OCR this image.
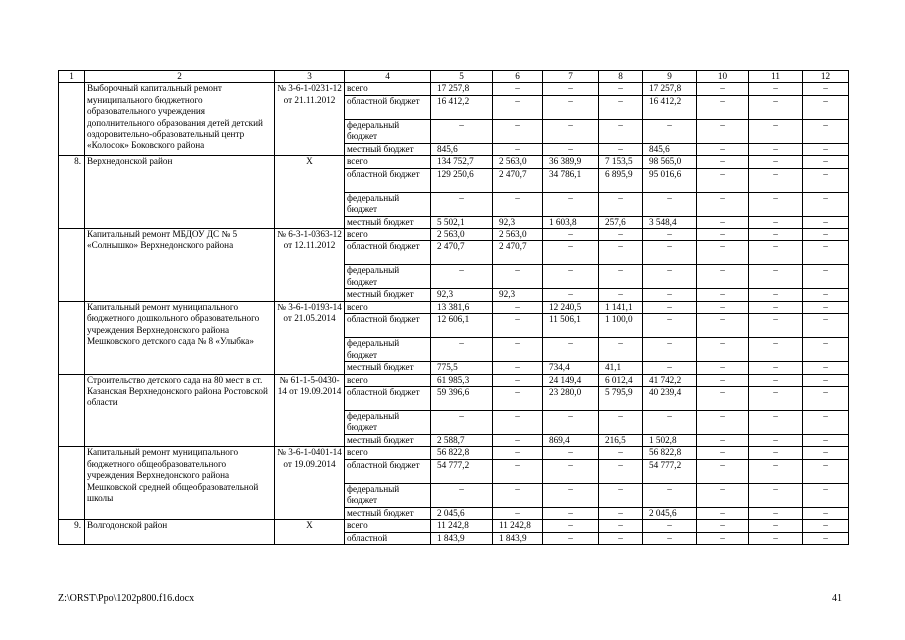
1	2	3	4	5	6	7	8	9	10	11	12
	Выборочный капитальный ремонт муниципального бюджетного образовательного учреждения дополнительного образования детей детский оздоровительно-образовательный центр «Колосок» Боковского района	№ 3-6-1-0231-12 от 21.11.2012	всего	17 257,8	–	–	–	17 257,8	–	–	–
			областной бюджет	16 412,2	–	–	–	16 412,2	–	–	–
			федеральный бюджет	–	–	–	–	–	–	–	–
			местный бюджет	845,6	–	–	–	845,6	–	–	–
8.	Верхнедонской район	Х	всего	134 752,7	2 563,0	36 389,9	7 153,5	98 565,0	–	–	–
			областной бюджет	129 250,6	2 470,7	34 786,1	6 895,9	95 016,6	–	–	–
			федеральный бюджет	–	–	–	–	–	–	–	–
			местный бюджет	5 502,1	92,3	1 603,8	257,6	3 548,4	–	–	–
	Капитальный ремонт МБДОУ ДС № 5 «Солнышко» Верхнедонского района	№ 6-3-1-0363-12 от 12.11.2012	всего	2 563,0	2 563,0	–	–	–	–	–	–
			областной бюджет	2 470,7	2 470,7	–	–	–	–	–	–
			федеральный бюджет	–	–	–	–	–	–	–	–
			местный бюджет	92,3	92,3	–	–	–	–	–	–
	Капитальный ремонт муниципального бюджетного дошкольного образовательного учреждения Верхнедонского района Мешковского детского сада № 8 «Улыбка»	№ 3-6-1-0193-14 от 21.05.2014	всего	13 381,6	–	12 240,5	1 141,1	–	–	–	–
			областной бюджет	12 606,1	–	11 506,1	1 100,0	–	–	–	–
			федеральный бюджет	–	–	–	–	–	–	–	–
			местный бюджет	775,5	–	734,4	41,1	–	–	–	–
	Строительство детского сада на 80 мест в ст. Казанская Верхнедонского района Ростовской области	№ 61-1-5-0430-14 от 19.09.2014	всего	61 985,3	–	24 149,4	6 012,4	41 742,2	–	–	–
			областной бюджет	59 396,6	–	23 280,0	5 795,9	40 239,4	–	–	–
			федеральный бюджет	–	–	–	–	–	–	–	–
			местный бюджет	2 588,7	–	869,4	216,5	1 502,8	–	–	–
	Капитальный ремонт муниципального бюджетного общеобразовательного учреждения Верхнедонского района Мешковской средней общеобразовательной школы	№ 3-6-1-0401-14 от 19.09.2014	всего	56 822,8	–	–	–	56 822,8	–	–	–
			областной бюджет	54 777,2	–	–	–	54 777,2	–	–	–
			федеральный бюджет	–	–	–	–	–	–	–	–
			местный бюджет	2 045,6	–	–	–	2 045,6	–	–	–
9.	Волгодонской район	Х	всего	11 242,8	11 242,8	–	–	–	–	–	–
			областной	1 843,9	1 843,9	–	–	–	–	–	–
Z:\ORST\Ppo\1202p800.f16.docx	41
